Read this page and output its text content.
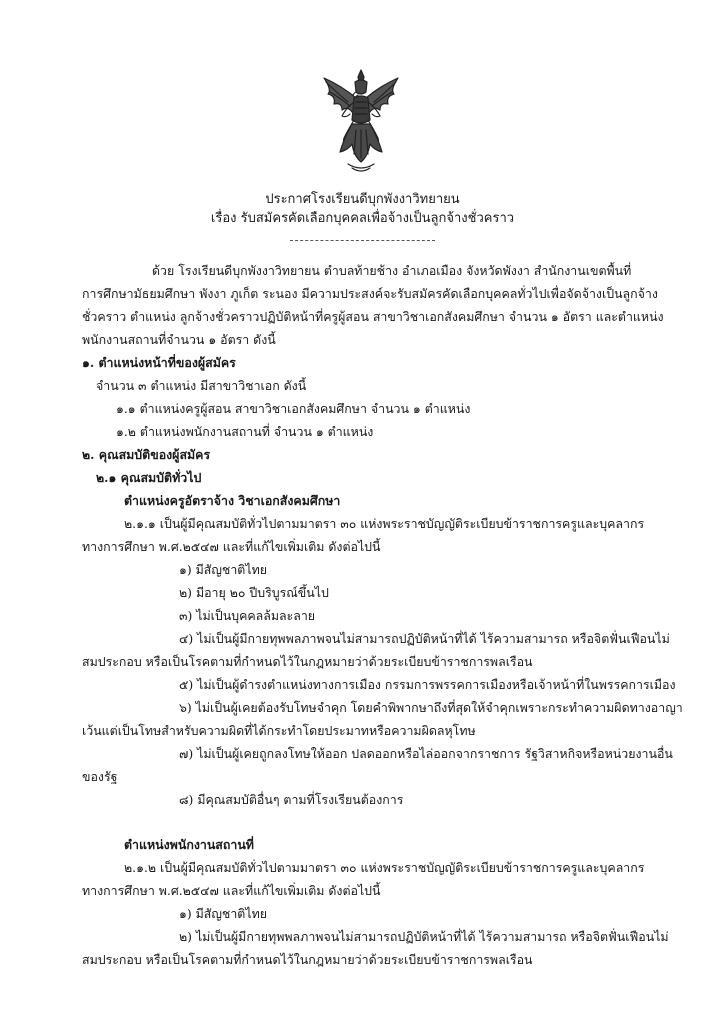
ประกาศโรงเรียนดีบุกพังงาวิทยายน
เรื่อง รับสมัครคัดเลือกบุคคลเพื่อจ้างเป็นลูกจ้างชั่วคราว
ด้วย โรงเรียนดีบุกพังงาวิทยายน ตำบลท้ายช้าง อำเภอเมือง จังหวัดพังงา สำนักงานเขตพื้นที่
การศึกษามัธยมศึกษา พังงา ภูเก็ต ระนอง มีความประสงค์จะรับสมัครคัดเลือกบุคคลทั่วไปเพื่อจัดจ้างเป็นลูกจ้าง
ชั่วคราว ตำแหน่ง ลูกจ้างชั่วคราวปฏิบัติหน้าที่ครูผู้สอน สาขาวิชาเอกสังคมศึกษา จำนวน ๑ อัตรา และตำแหน่ง
พนักงานสถานที่จำนวน ๑ อัตรา ดังนี้
๑. ตำแหน่งหน้าที่ของผู้สมัคร
จำนวน ๓ ตำแหน่ง มีสาขาวิชาเอก ดังนี้
๑.๑ ตำแหน่งครูผู้สอน สาขาวิชาเอกสังคมศึกษา จำนวน ๑ ตำแหน่ง
๑.๒ ตำแหน่งพนักงานสถานที่ จำนวน ๑ ตำแหน่ง
๒. คุณสมบัติของผู้สมัคร
๒.๑ คุณสมบัติทั่วไป
ตำแหน่งครูอัตราจ้าง วิชาเอกสังคมศึกษา
๒.๑.๑ เป็นผู้มีคุณสมบัติทั่วไปตามมาตรา ๓๐ แห่งพระราชบัญญัติระเบียบข้าราชการครูและบุคลากร
ทางการศึกษา พ.ศ.๒๕๔๗ และที่แก้ไขเพิ่มเติม ดังต่อไปนี้
๑) มีสัญชาติไทย
๒) มีอายุ ๒๐ ปีบริบูรณ์ขึ้นไป
๓) ไม่เป็นบุคคลล้มละลาย
๔) ไม่เป็นผู้มีกายทุพพลภาพจนไม่สามารถปฏิบัติหน้าที่ได้ ไร้ความสามารถ หรือจิตฟั่นเฟือนไม่
สมประกอบ หรือเป็นโรคตามที่กำหนดไว้ในกฎหมายว่าด้วยระเบียบข้าราชการพลเรือน
๕) ไม่เป็นผู้ดำรงตำแหน่งทางการเมือง กรรมการพรรคการเมืองหรือเจ้าหน้าที่ในพรรคการเมือง
๖) ไม่เป็นผู้เคยต้องรับโทษจำคุก โดยคำพิพากษาถึงที่สุดให้จำคุกเพราะกระทำความผิดทางอาญา
เว้นแต่เป็นโทษสำหรับความผิดที่ได้กระทำโดยประมาทหรือความผิดลหุโทษ
๗) ไม่เป็นผู้เคยถูกลงโทษให้ออก ปลดออกหรือไล่ออกจากราชการ รัฐวิสาหกิจหรือหน่วยงานอื่น
ของรัฐ
๘) มีคุณสมบัติอื่นๆ ตามที่โรงเรียนต้องการ
ตำแหน่งพนักงานสถานที่
๒.๑.๒ เป็นผู้มีคุณสมบัติทั่วไปตามมาตรา ๓๐ แห่งพระราชบัญญัติระเบียบข้าราชการครูและบุคลากร
ทางการศึกษา พ.ศ.๒๕๔๗ และที่แก้ไขเพิ่มเติม ดังต่อไปนี้
๑) มีสัญชาติไทย
๒) ไม่เป็นผู้มีกายทุพพลภาพจนไม่สามารถปฏิบัติหน้าที่ได้ ไร้ความสามารถ หรือจิตฟั่นเฟือนไม่
สมประกอบ หรือเป็นโรคตามที่กำหนดไว้ในกฎหมายว่าด้วยระเบียบข้าราชการพลเรือน
